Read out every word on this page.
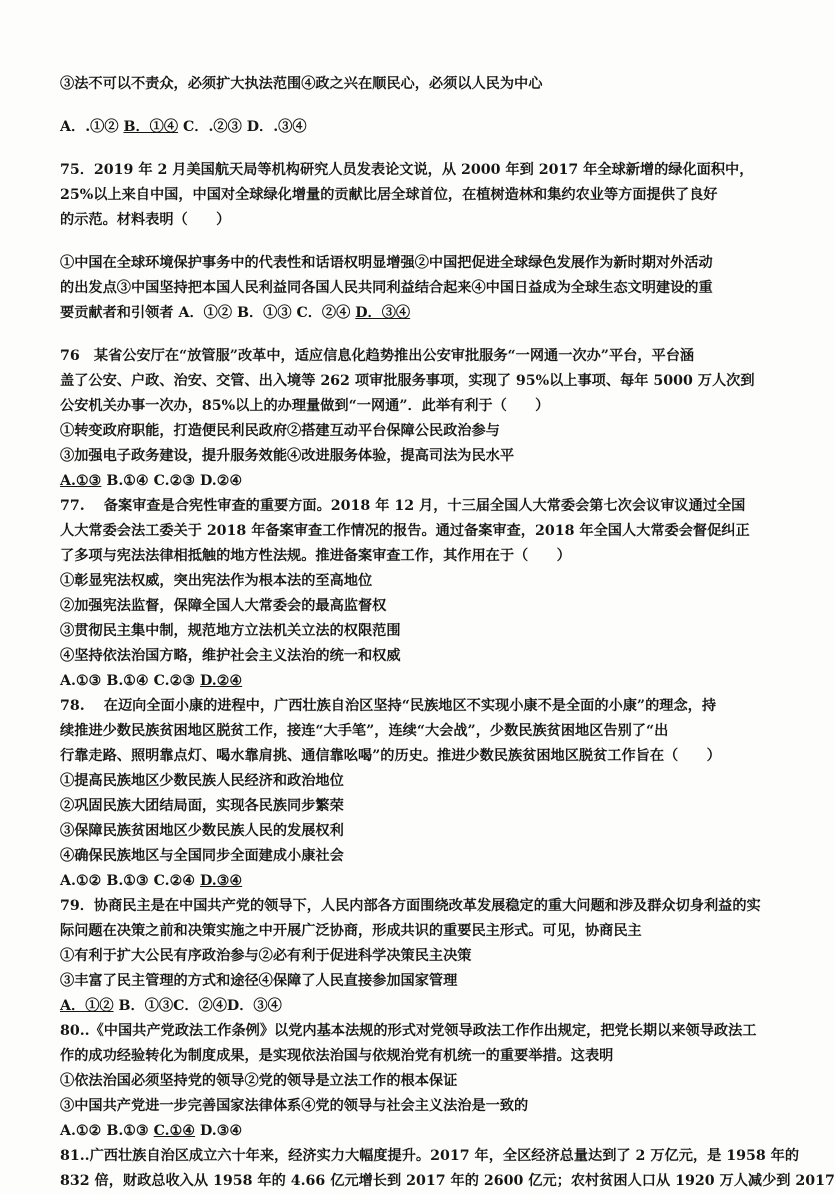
③法不可以不责众，必须扩大执法范围④政之兴在顺民心，必须以人民为中心
A．.①② B．①④ C．.②③ D．.③④
75．2019 年 2 月美国航天局等机构研究人员发表论文说，从 2000 年到 2017 年全球新增的绿化面积中，
25%以上来自中国，中国对全球绿化增量的贡献比居全球首位，在植树造林和集约农业等方面提供了良好
的示范。材料表明（　　）
①中国在全球环境保护事务中的代表性和话语权明显增强②中国把促进全球绿色发展作为新时期对外活动
的出发点③中国坚持把本国人民利益同各国人民共同利益结合起来④中国日益成为全球生态文明建设的重
要贡献者和引领者 A．①② B．①③ C．②④ D．③④
76　某省公安厅在“放管服”改革中，适应信息化趋势推出公安审批服务“一网通一次办”平台，平台涵
盖了公安、户政、治安、交管、出入境等 262 项审批服务事项，实现了 95%以上事项、每年 5000 万人次到
公安机关办事一次办，85%以上的办理量做到“一网通”．此举有利于（　　）
①转变政府职能，打造便民利民政府②搭建互动平台保障公民政治参与
③加强电子政务建设，提升服务效能④改进服务体验，提高司法为民水平
A.①③ B.①④ C.②③ D.②④
77.　 备案审查是合宪性审查的重要方面。2018 年 12 月，十三届全国人大常委会第七次会议审议通过全国
人大常委会法工委关于 2018 年备案审查工作情况的报告。通过备案审查，2018 年全国人大常委会督促纠正
了多项与宪法法律相抵触的地方性法规。推进备案审查工作，其作用在于（　　）
①彰显宪法权威，突出宪法作为根本法的至高地位
②加强宪法监督，保障全国人大常委会的最高监督权
③贯彻民主集中制，规范地方立法机关立法的权限范围
④坚持依法治国方略，维护社会主义法治的统一和权威
A.①③ B.①④ C.②③ D.②④
78.　 在迈向全面小康的进程中，广西壮族自治区坚持“民族地区不实现小康不是全面的小康”的理念，持
续推进少数民族贫困地区脱贫工作，接连“大手笔”，连续“大会战”，少数民族贫困地区告别了“出
行靠走路、照明靠点灯、喝水靠肩挑、通信靠吆喝”的历史。推进少数民族贫困地区脱贫工作旨在（　　）
①提高民族地区少数民族人民经济和政治地位
②巩固民族大团结局面，实现各民族同步繁荣
③保障民族贫困地区少数民族人民的发展权利
④确保民族地区与全国同步全面建成小康社会
A.①② B.①③ C.②④ D.③④
79．协商民主是在中国共产党的领导下，人民内部各方面围绕改革发展稳定的重大问题和涉及群众切身利益的实
际问题在决策之前和决策实施之中开展广泛协商，形成共识的重要民主形式。可见，协商民主
①有利于扩大公民有序政治参与②必有利于促进科学决策民主决策
③丰富了民主管理的方式和途径④保障了人民直接参加国家管理
A．①② B．①③C．②④D．③④
80..《中国共产党政法工作条例》以党内基本法规的形式对党领导政法工作作出规定，把党长期以来领导政法工
作的成功经验转化为制度成果，是实现依法治国与依规治党有机统一的重要举措。这表明
①依法治国必须坚持党的领导②党的领导是立法工作的根本保证
③中国共产党进一步完善国家法律体系④党的领导与社会主义法治是一致的
A.①② B.①③ C.①④ D.③④
81..广西壮族自治区成立六十年来，经济实力大幅度提升。2017 年，全区经济总量达到了 2 万亿元，是 1958 年的
832 倍，财政总收入从 1958 年的 4.66 亿元增长到 2017 年的 2600 亿元；农村贫困人口从 1920 万人减少到 2017
